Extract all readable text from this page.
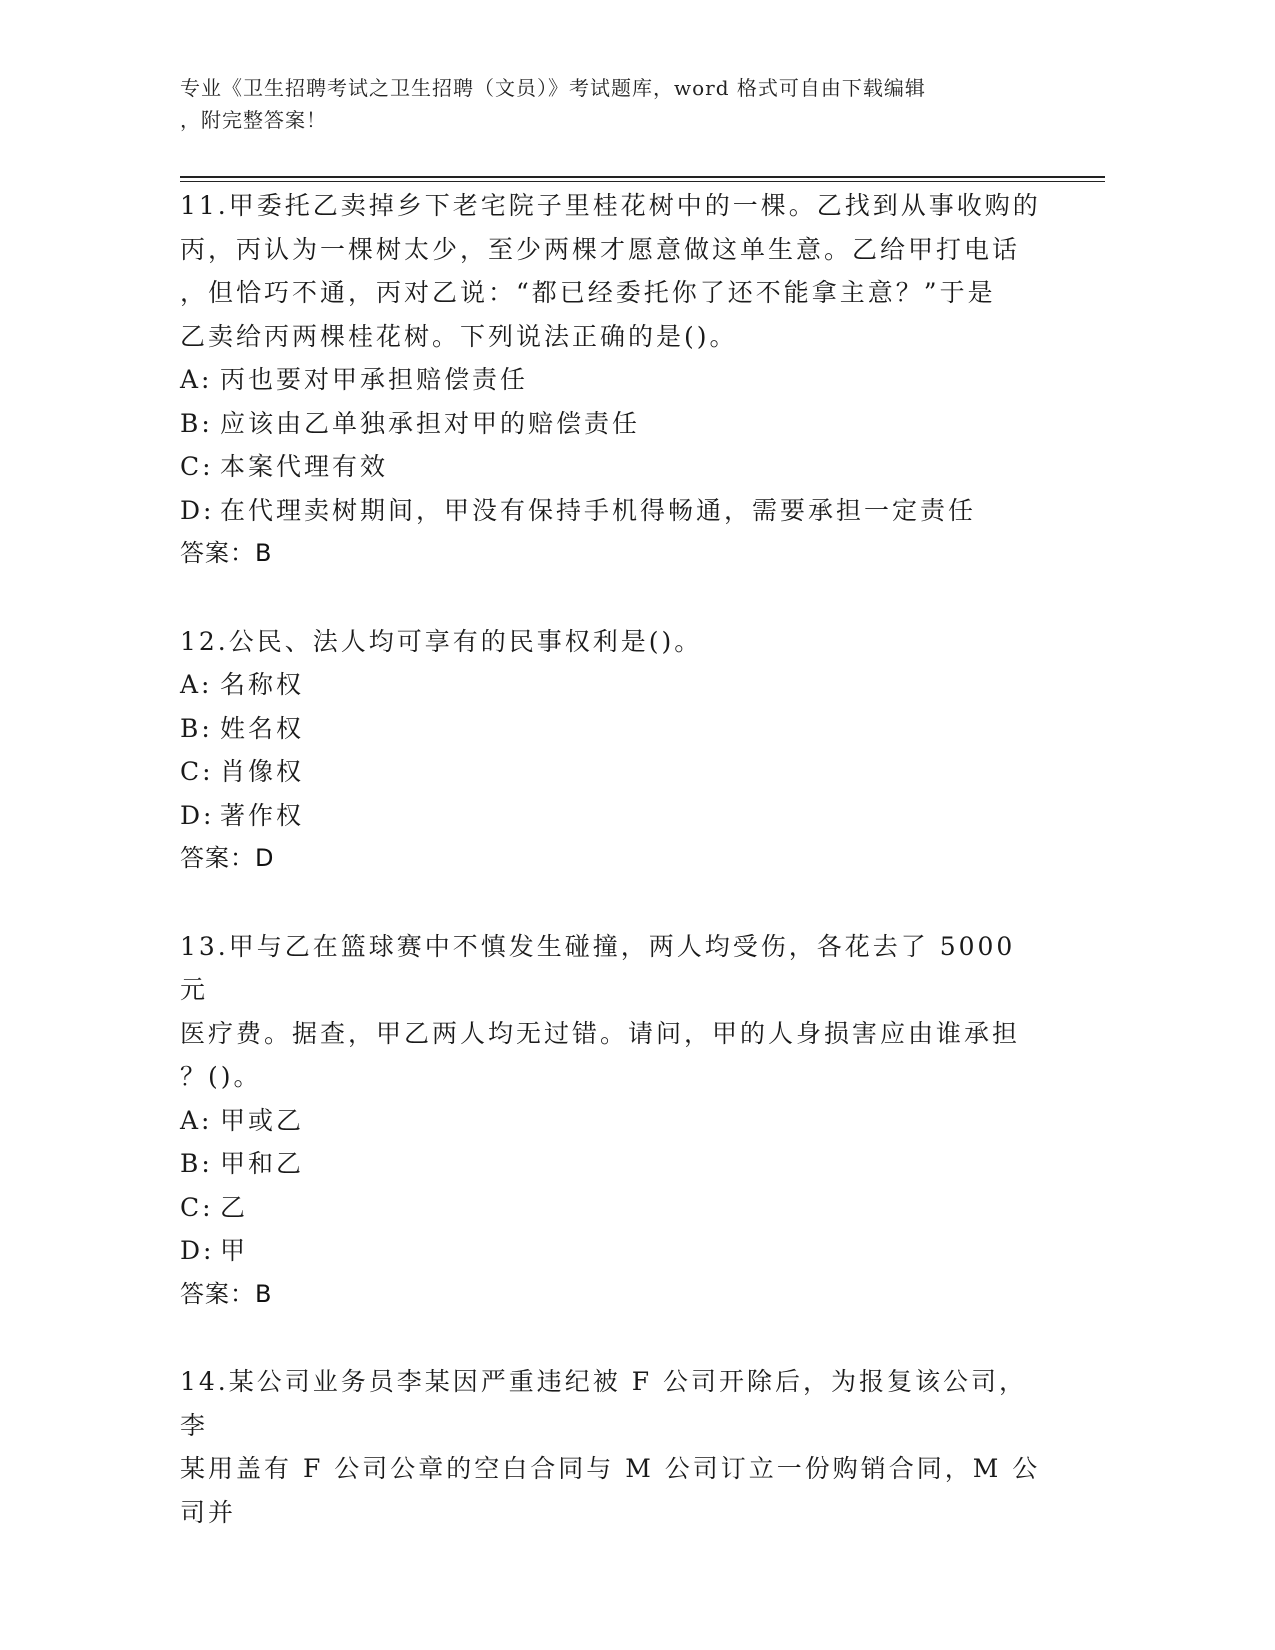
专业《卫生招聘考试之卫生招聘（文员）》考试题库，word 格式可自由下载编辑
，附完整答案！
11.甲委托乙卖掉乡下老宅院子里桂花树中的一棵。乙找到从事收购的
丙，丙认为一棵树太少，至少两棵才愿意做这单生意。乙给甲打电话
，但恰巧不通，丙对乙说：“都已经委托你了还不能拿主意？”于是
乙卖给丙两棵桂花树。下列说法正确的是()。
A: 丙也要对甲承担赔偿责任
B: 应该由乙单独承担对甲的赔偿责任
C: 本案代理有效
D: 在代理卖树期间，甲没有保持手机得畅通，需要承担一定责任
答案：B
12.公民、法人均可享有的民事权利是()。
A: 名称权
B: 姓名权
C: 肖像权
D: 著作权
答案：D
13.甲与乙在篮球赛中不慎发生碰撞，两人均受伤，各花去了 5000 元
医疗费。据查，甲乙两人均无过错。请问，甲的人身损害应由谁承担
？()。
A: 甲或乙
B: 甲和乙
C: 乙
D: 甲
答案：B
14.某公司业务员李某因严重违纪被 F 公司开除后，为报复该公司，李
某用盖有 F 公司公章的空白合同与 M 公司订立一份购销合同，M 公司并
